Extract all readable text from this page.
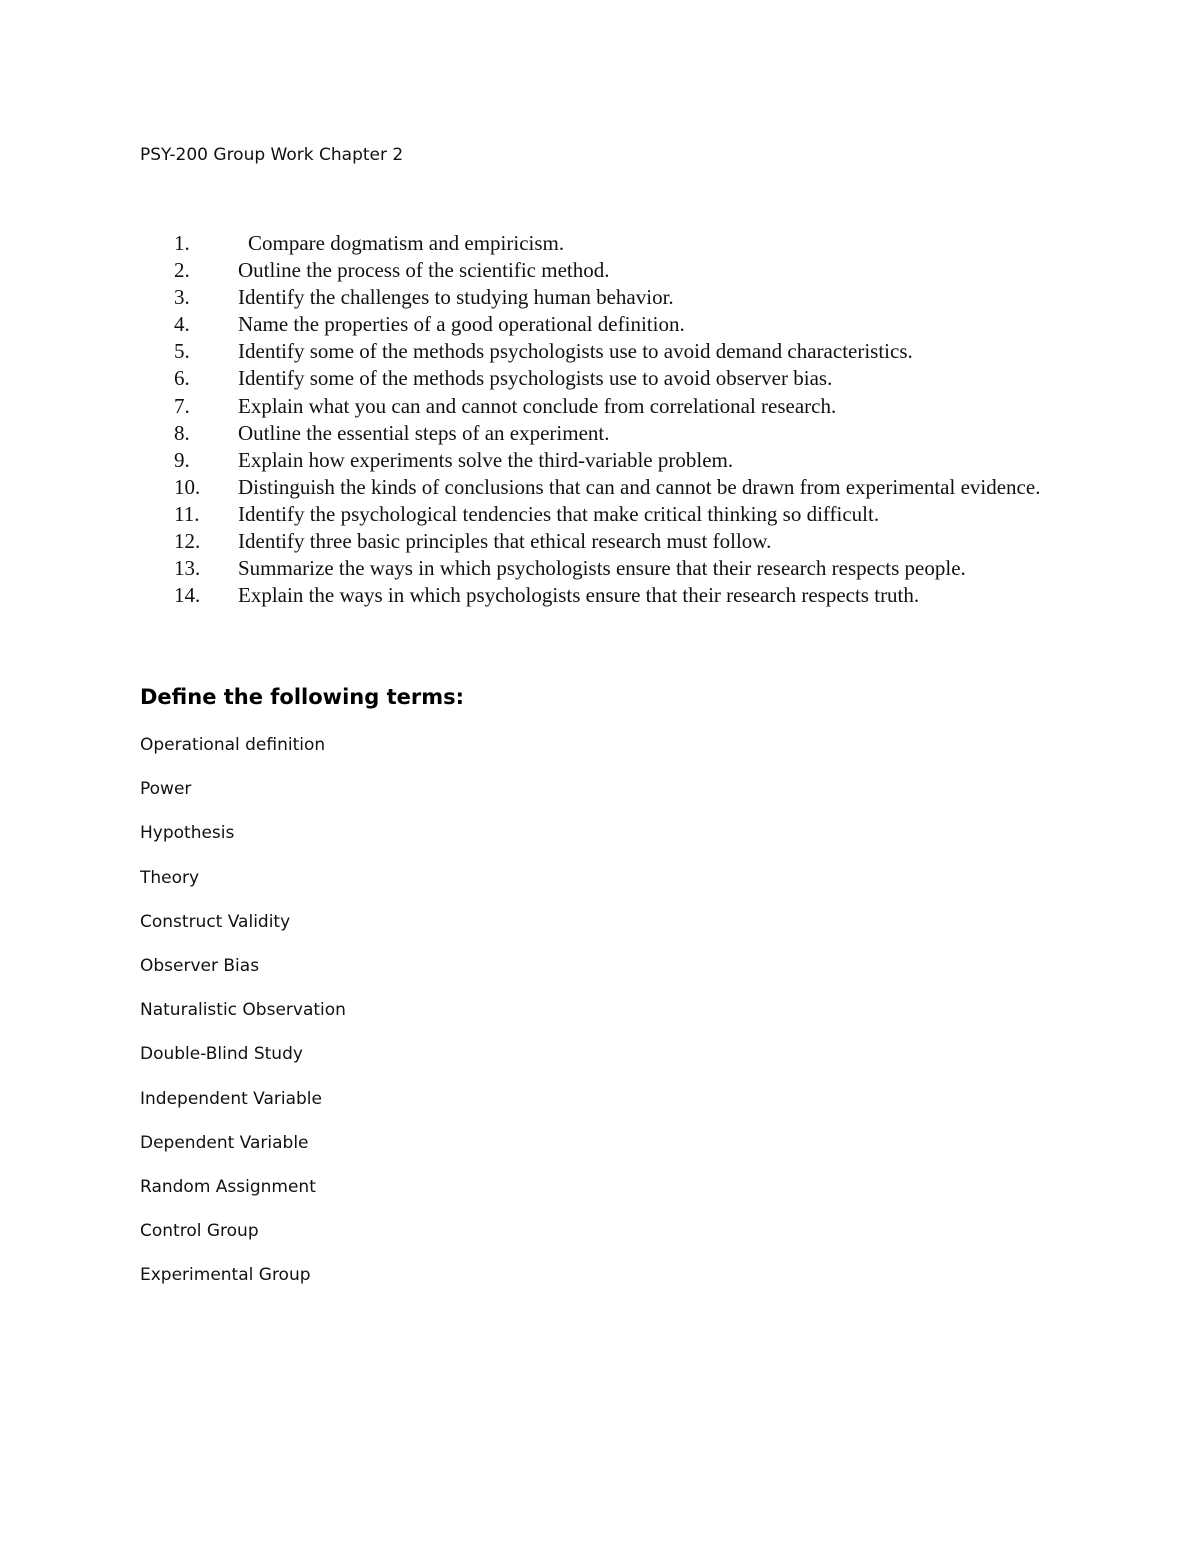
PSY-200 Group Work Chapter 2
1.	Compare dogmatism and empiricism.
2.	Outline the process of the scientific method.
3.	Identify the challenges to studying human behavior.
4.	Name the properties of a good operational definition.
5.	Identify some of the methods psychologists use to avoid demand characteristics.
6.	Identify some of the methods psychologists use to avoid observer bias.
7.	Explain what you can and cannot conclude from correlational research.
8.	Outline the essential steps of an experiment.
9.	Explain how experiments solve the third-variable problem.
10.	Distinguish the kinds of conclusions that can and cannot be drawn from experimental evidence.
11.	Identify the psychological tendencies that make critical thinking so difficult.
12.	Identify three basic principles that ethical research must follow.
13.	Summarize the ways in which psychologists ensure that their research respects people.
14.	Explain the ways in which psychologists ensure that their research respects truth.
Define the following terms:
Operational definition
Power
Hypothesis
Theory
Construct Validity
Observer Bias
Naturalistic Observation
Double-Blind Study
Independent Variable
Dependent Variable
Random Assignment
Control Group
Experimental Group
